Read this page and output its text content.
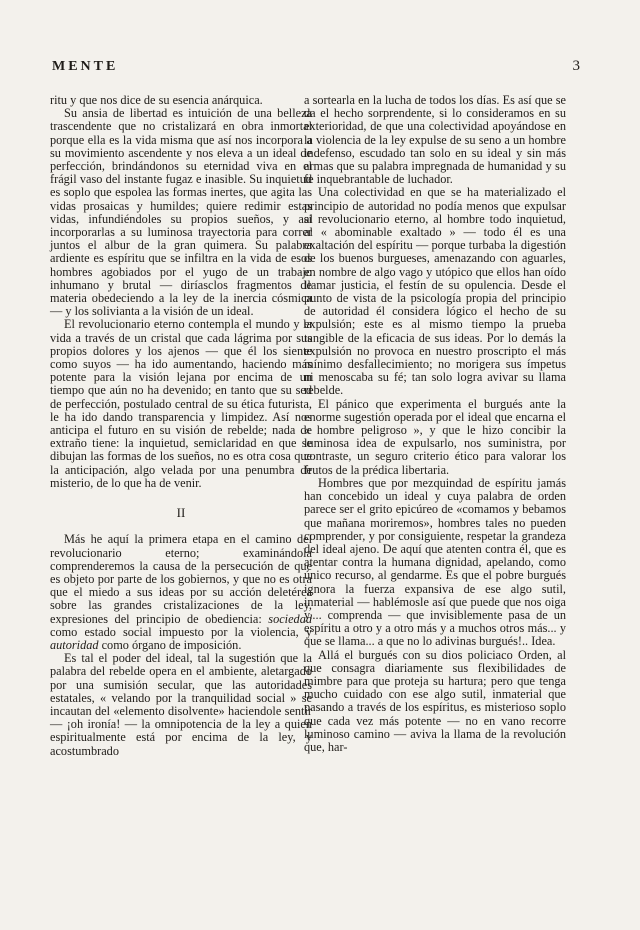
MENTE	3

ritu y que nos dice de su esencia anárquica.

Su ansia de libertad es intuición de una belleza trascendente que no cristalizará en obra inmortal porque ella es la vida misma que así nos incorpora a su movimiento ascendente y nos eleva a un ideal de perfección, brindándonos su eternidad viva en el frágil vaso del instante fugaz e inasible. Su inquietud es soplo que espolea las formas inertes, que agita las vidas prosaicas y humildes; quiere redimir estas vidas, infundiéndoles su propios sueños, y así incorporarlas a su luminosa trayectoria para correr juntos el albur de la gran quimera. Su palabra ardiente es espíritu que se infiltra en la vida de esos hombres agobiados por el yugo de un trabajo inhumano y brutal — diríasclos fragmentos de materia obedeciendo a la ley de la inercia cósmica — y los solivianta a la visión de un ideal.

El revolucionario eterno contempla el mundo y la vida a través de un cristal que cada lágrima por sus propios dolores y los ajenos — que él los siente como suyos — ha ido aumentando, haciendo más potente para la visión lejana por encima de un tiempo que aún no ha devenido; en tanto que su sed de perfección, postulado central de su ética futurista, le ha ido dando transparencia y limpidez. Así nos anticipa el futuro en su visión de rebelde; nada de extraño tiene: la inquietud, semiclaridad en que se dibujan las formas de los sueños, no es otra cosa que la anticipación, algo velada por una penumbra de misterio, de lo que ha de venir.

II

Más he aquí la primera etapa en el camino del revolucionario eterno; examinándola comprenderemos la causa de la persecución de que es objeto por parte de los gobiernos, y que no es otra que el miedo a sus ideas por su acción deletérea sobre las grandes cristalizaciones de la ley, expresiones del principio de obediencia: sociedad como estado social impuesto por la violencia, y autoridad como órgano de imposición.

Es tal el poder del ideal, tal la sugestión que la palabra del rebelde opera en el ambiente, aletargado por una sumisión secular, que las autoridades estatales, « velando por la tranquilidad social » se incautan del «elemento disolvente» haciendole sentir — ¡oh ironía! — la omnipotencia de la ley a quien espiritualmente está por encima de la ley, y acostumbrado

a sortearla en la lucha de todos los días. Es así que se da el hecho sorprendente, si lo consideramos en su exterioridad, de que una colectividad apoyándose en la violencia de la ley expulse de su seno a un hombre indefenso, escudado tan solo en su ideal y sin más armas que su palabra impregnada de humanidad y su fe inquebrantable de luchador.

Una colectividad en que se ha materializado el principio de autoridad no podía menos que expulsar al revolucionario eterno, al hombre todo inquietud, al « abominable exaltado » — todo él es una exaltación del espíritu — porque turbaba la digestión de los buenos burgueses, amenazando con aguarles, en nombre de algo vago y utópico que ellos han oído llamar justicia, el festín de su opulencia. Desde el punto de vista de la psicología propia del principio de autoridad él considera lógico el hecho de su expulsión; este es al mismo tiempo la prueba tangible de la eficacia de sus ideas. Por lo demás la expulsión no provoca en nuestro proscripto el más mínimo desfallecimiento; no morigera sus ímpetus ni menoscaba su fé; tan solo logra avivar su llama rebelde.

El pánico que experimenta el burgués ante la enorme sugestión operada por el ideal que encarna el « hombre peligroso », y que le hizo concibir la luminosa idea de expulsarlo, nos suministra, por contraste, un seguro criterio ético para valorar los frutos de la prédica libertaria.

Hombres que por mezquindad de espíritu jamás han concebido un ideal y cuya palabra de orden parece ser el grito epicúreo de «comamos y bebamos que mañana moriremos», hombres tales no pueden comprender, y por consiguiente, respetar la grandeza del ideal ajeno. De aquí que atenten contra él, que es atentar contra la humana dignidad, apelando, como único recurso, al gendarme. Es que el pobre burgués ignora la fuerza expansiva de ese algo sutil, inmaterial — hablémosle así que puede que nos oiga y.... comprenda — que invisiblemente pasa de un espíritu a otro y a otro más y a muchos otros más... y que se llama... a que no lo adivinas burgués!.. Idea.

Allá el burgués con su dios policiaco Orden, al que consagra diariamente sus flexibilidades de mimbre para que proteja su hartura; pero que tenga mucho cuidado con ese algo sutil, inmaterial que pasando a través de los espíritus, es misterioso soplo que cada vez más potente — no en vano recorre luminoso camino — aviva la llama de la revolución que, har-
